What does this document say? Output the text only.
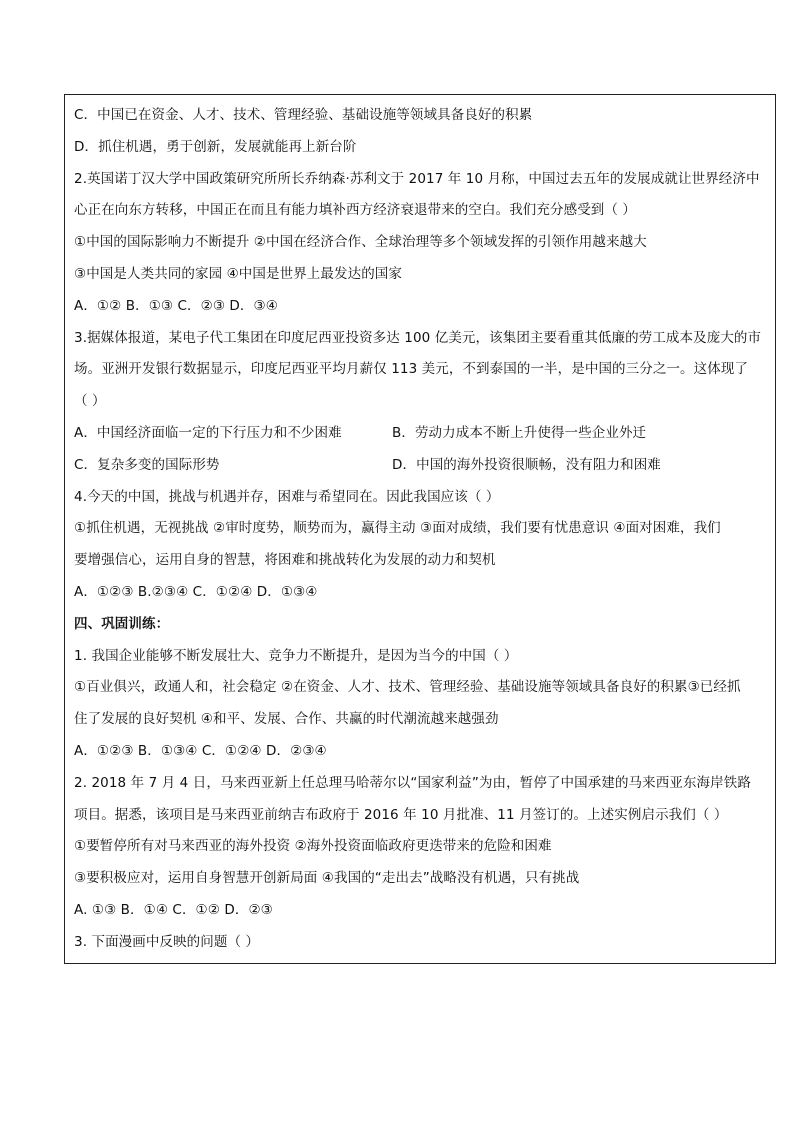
C．中国已在资金、人才、技术、管理经验、基础设施等领域具备良好的积累
D．抓住机遇，勇于创新，发展就能再上新台阶
2.英国诺丁汉大学中国政策研究所所长乔纳森·苏利文于 2017 年 10 月称，中国过去五年的发展成就让世界经济中
心正在向东方转移，中国正在而且有能力填补西方经济衰退带来的空白。我们充分感受到（ ）
①中国的国际影响力不断提升 ②中国在经济合作、全球治理等多个领域发挥的引领作用越来越大
③中国是人类共同的家园 ④中国是世界上最发达的国家
A．①② B．①③ C．②③ D．③④
3.据媒体报道，某电子代工集团在印度尼西亚投资多达 100 亿美元，该集团主要看重其低廉的劳工成本及庞大的市
场。亚洲开发银行数据显示，印度尼西亚平均月薪仅 113 美元，不到泰国的一半，是中国的三分之一。这体现了
（ ）
A．中国经济面临一定的下行压力和不少困难	B．劳动力成本不断上升使得一些企业外迁
C．复杂多变的国际形势	D．中国的海外投资很顺畅，没有阻力和困难
4.今天的中国，挑战与机遇并存，困难与希望同在。因此我国应该（ ）
①抓住机遇，无视挑战 ②审时度势，顺势而为，赢得主动 ③面对成绩，我们要有忧患意识 ④面对困难，我们
要增强信心，运用自身的智慧，将困难和挑战转化为发展的动力和契机
A．①②③ B.②③④ C．①②④ D．①③④
四、巩固训练：
1. 我国企业能够不断发展壮大、竞争力不断提升，是因为当今的中国（ ）
①百业俱兴，政通人和，社会稳定 ②在资金、人才、技术、管理经验、基础设施等领域具备良好的积累③已经抓
住了发展的良好契机 ④和平、发展、合作、共赢的时代潮流越来越强劲
A．①②③ B．①③④ C．①②④ D．②③④
2. 2018 年 7 月 4 日，马来西亚新上任总理马哈蒂尔以“国家利益”为由，暂停了中国承建的马来西亚东海岸铁路
项目。据悉，该项目是马来西亚前纳吉布政府于 2016 年 10 月批准、11 月签订的。上述实例启示我们（ ）
①要暂停所有对马来西亚的海外投资 ②海外投资面临政府更迭带来的危险和困难
③要积极应对，运用自身智慧开创新局面 ④我国的“走出去”战略没有机遇，只有挑战
A. ①③ B．①④ C．①② D．②③
3. 下面漫画中反映的问题（ ）
